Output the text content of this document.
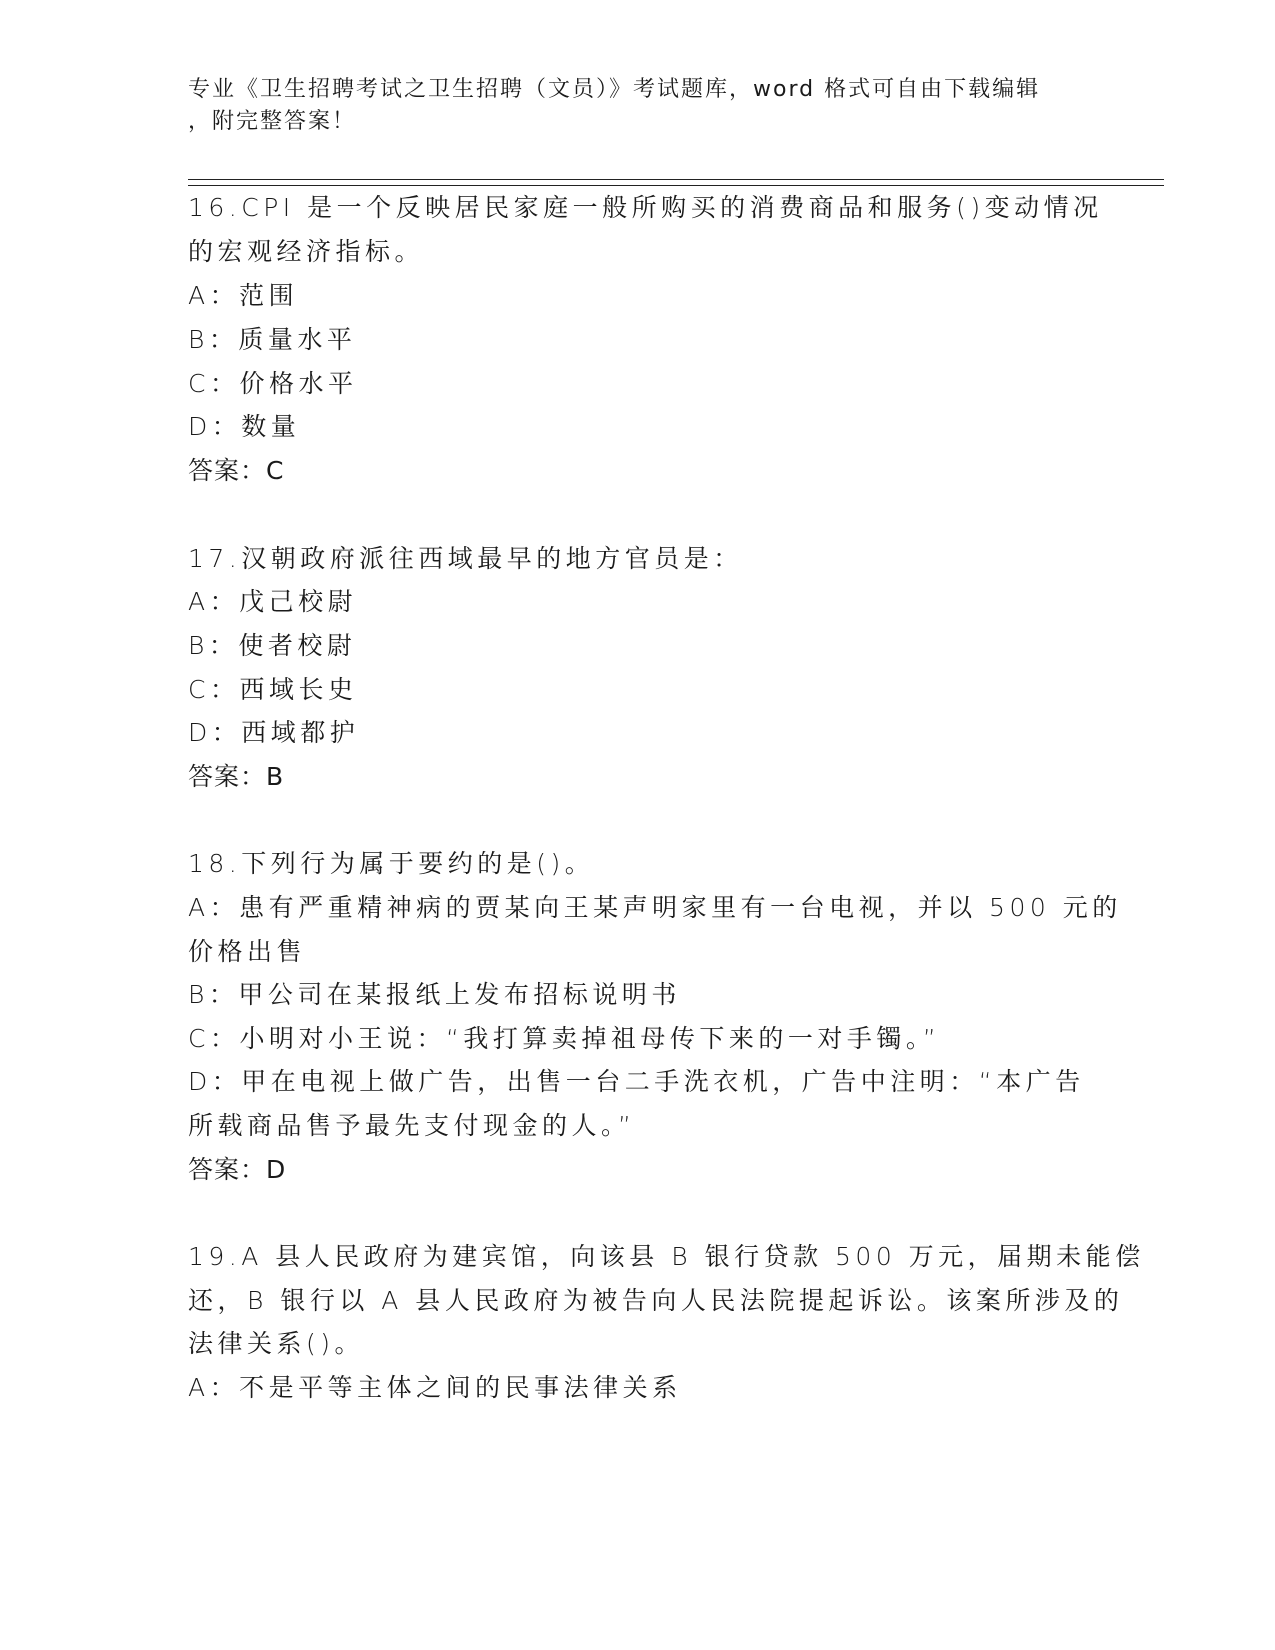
专业《卫生招聘考试之卫生招聘（文员）》考试题库，word 格式可自由下载编辑
，附完整答案！
16.CPI 是一个反映居民家庭一般所购买的消费商品和服务()变动情况
的宏观经济指标。
A：范围
B：质量水平
C：价格水平
D：数量
答案：C
17.汉朝政府派往西域最早的地方官员是：
A：戊己校尉
B：使者校尉
C：西域长史
D：西域都护
答案：B
18.下列行为属于要约的是()。
A：患有严重精神病的贾某向王某声明家里有一台电视，并以 500 元的
价格出售
B：甲公司在某报纸上发布招标说明书
C：小明对小王说：“我打算卖掉祖母传下来的一对手镯。”
D：甲在电视上做广告，出售一台二手洗衣机，广告中注明：“本广告
所载商品售予最先支付现金的人。”
答案：D
19.A 县人民政府为建宾馆，向该县 B 银行贷款 500 万元，届期未能偿
还，B 银行以 A 县人民政府为被告向人民法院提起诉讼。该案所涉及的
法律关系()。
A：不是平等主体之间的民事法律关系
